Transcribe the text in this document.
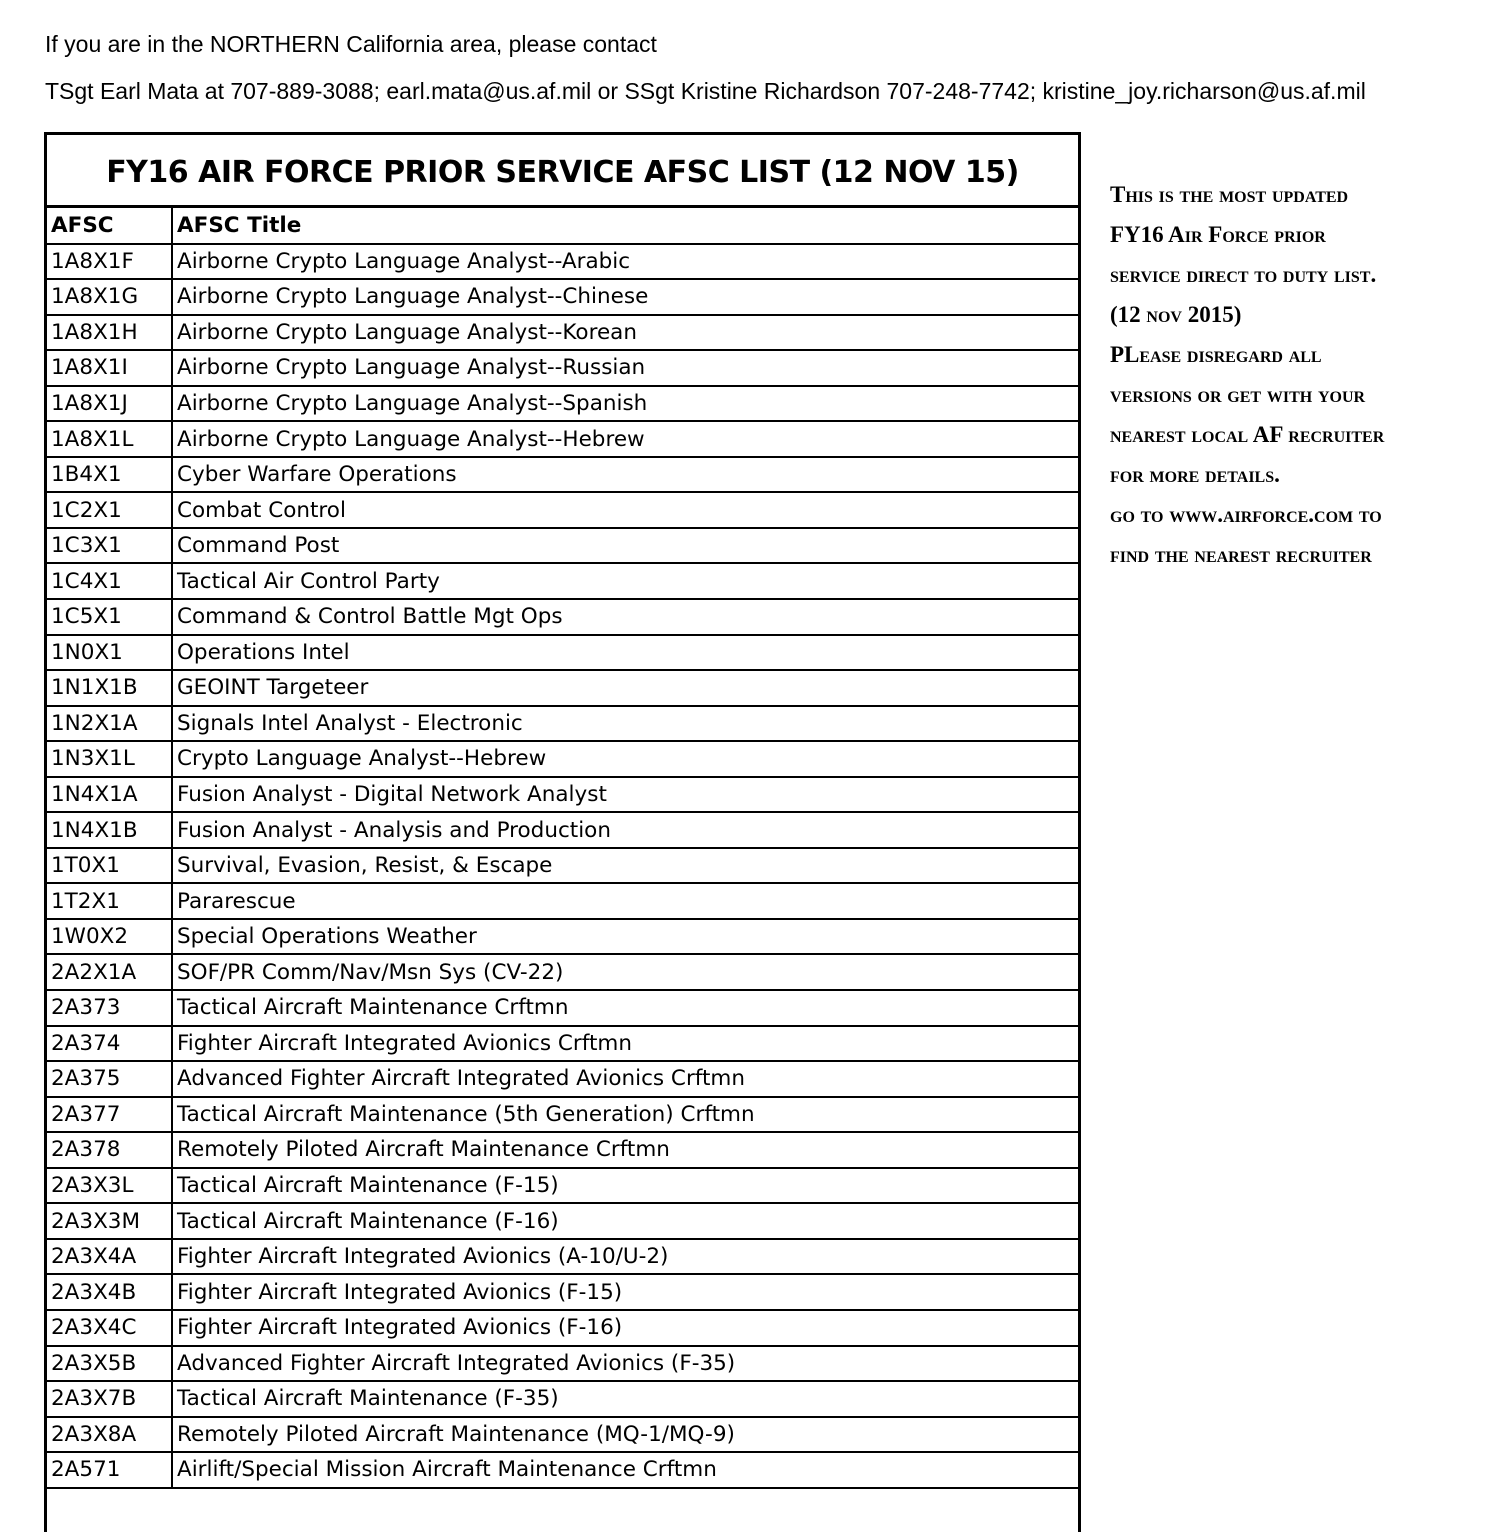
If you are in the NORTHERN California area, please contact
TSgt Earl Mata at 707-889-3088; earl.mata@us.af.mil or SSgt Kristine Richardson 707-248-7742; kristine_joy.richarson@us.af.mil
FY16 AIR FORCE PRIOR SERVICE AFSC LIST (12 NOV 15)
AFSC	AFSC Title
1A8X1F	Airborne Crypto Language Analyst--Arabic
1A8X1G	Airborne Crypto Language Analyst--Chinese
1A8X1H	Airborne Crypto Language Analyst--Korean
1A8X1I	Airborne Crypto Language Analyst--Russian
1A8X1J	Airborne Crypto Language Analyst--Spanish
1A8X1L	Airborne Crypto Language Analyst--Hebrew
1B4X1	Cyber Warfare Operations
1C2X1	Combat Control
1C3X1	Command Post
1C4X1	Tactical Air Control Party
1C5X1	Command & Control Battle Mgt Ops
1N0X1	Operations Intel
1N1X1B	GEOINT Targeteer
1N2X1A	Signals Intel Analyst - Electronic
1N3X1L	Crypto Language Analyst--Hebrew
1N4X1A	Fusion Analyst - Digital Network Analyst
1N4X1B	Fusion Analyst - Analysis and Production
1T0X1	Survival, Evasion, Resist, & Escape
1T2X1	Pararescue
1W0X2	Special Operations Weather
2A2X1A	SOF/PR Comm/Nav/Msn Sys (CV-22)
2A373	Tactical Aircraft Maintenance Crftmn
2A374	Fighter Aircraft Integrated Avionics Crftmn
2A375	Advanced Fighter Aircraft Integrated Avionics Crftmn
2A377	Tactical Aircraft Maintenance (5th Generation) Crftmn
2A378	Remotely Piloted Aircraft Maintenance Crftmn
2A3X3L	Tactical Aircraft Maintenance (F-15)
2A3X3M	Tactical Aircraft Maintenance (F-16)
2A3X4A	Fighter Aircraft Integrated Avionics (A-10/U-2)
2A3X4B	Fighter Aircraft Integrated Avionics (F-15)
2A3X4C	Fighter Aircraft Integrated Avionics (F-16)
2A3X5B	Advanced Fighter Aircraft Integrated Avionics (F-35)
2A3X7B	Tactical Aircraft Maintenance (F-35)
2A3X8A	Remotely Piloted Aircraft Maintenance (MQ-1/MQ-9)
2A571	Airlift/Special Mission Aircraft Maintenance Crftmn
This is the most updated
FY16 Air Force prior
service direct to duty list.
(12 nov 2015)
PLease disregard all
versions or get with your
nearest local AF recruiter
for more details.
go to www.airforce.com to
find the nearest recruiter
